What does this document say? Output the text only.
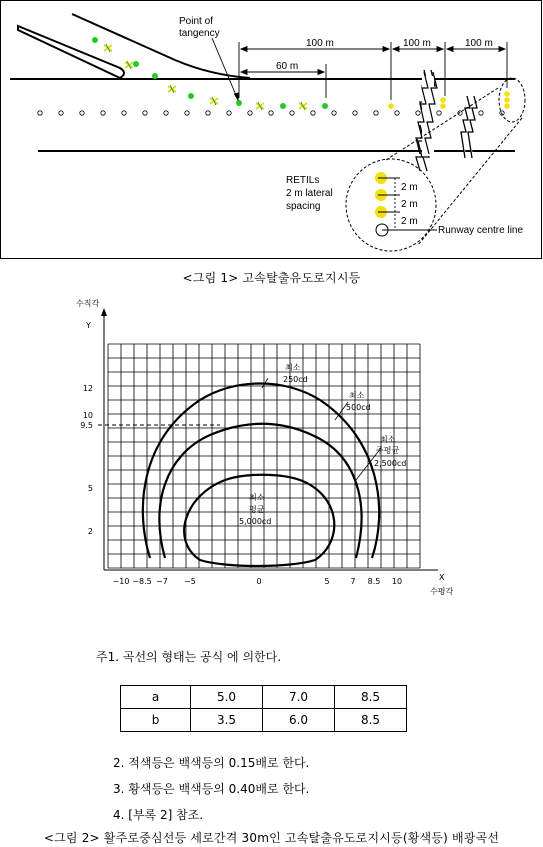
Point of
tangency
100 m	100 m	100 m
60 m
RETILs
2 m lateral
spacing
2 m
2 m
2 m
Runway centre line
<그림 1> 고속탈출유도로지시등
수직각
Y
X
수평각
12
10
9.5
5
2
−10 −8.5 −7 −5	0	5	7 8.5 10
최소
250cd
최소
500cd
최소
주평균
2,500cd
최소
평균
5,000cd
주1. 곡선의 형태는 공식 에 의한다.
a	5.0	7.0	8.5
b	3.5	6.0	8.5
2. 적색등은 백색등의 0.15배로 한다.
3. 황색등은 백색등의 0.40배로 한다.
4. [부록 2] 참조.
<그림 2> 활주로중심선등 세로간격 30m인 고속탈출유도로지시등(황색등) 배광곡선
